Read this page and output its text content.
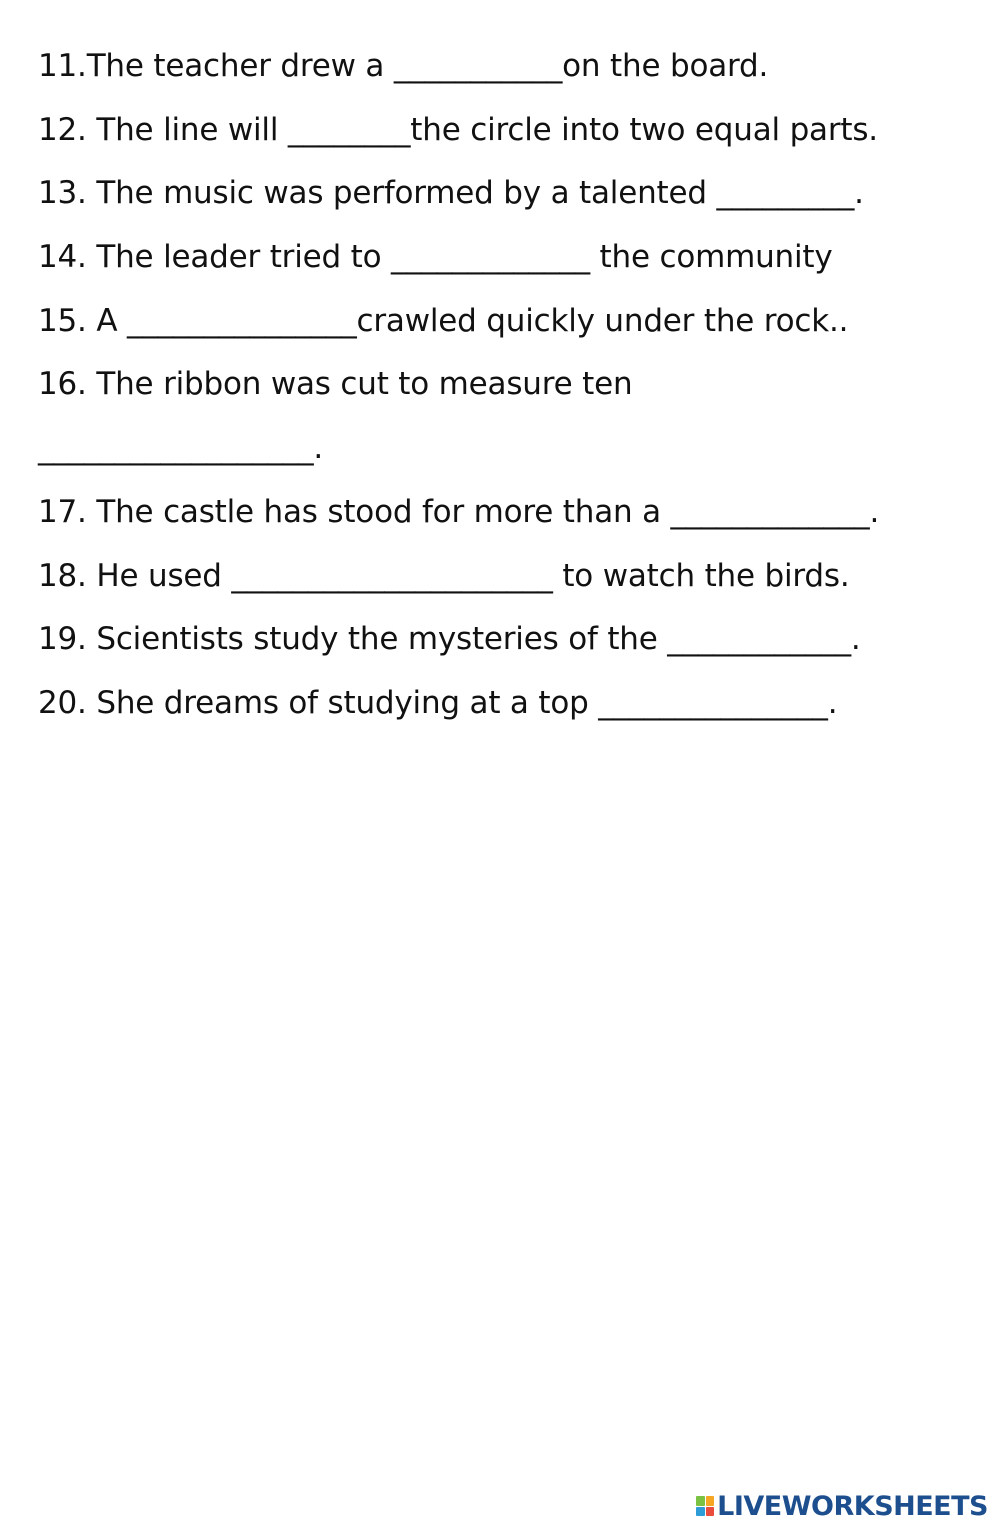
11.The teacher drew a ___________on the board.
12. The line will ________the circle into two equal parts.
13. The music was performed by a talented _________.
14. The leader tried to _____________ the community
15. A _______________crawled quickly under the rock..
16. The ribbon was cut to measure ten
__________________.
17. The castle has stood for more than a _____________.
18. He used _____________________ to watch the birds.
19. Scientists study the mysteries of the ____________.
20. She dreams of studying at a top _______________.
LIVEWORKSHEETS
